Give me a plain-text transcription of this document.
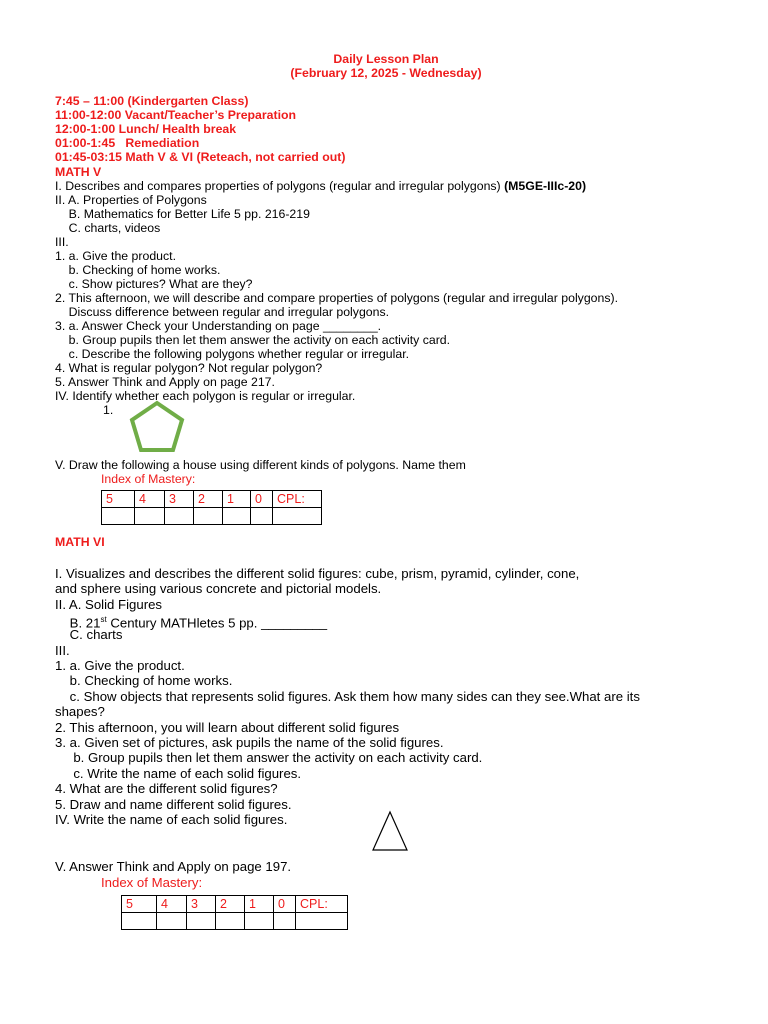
Daily Lesson Plan
(February 12, 2025 - Wednesday)
7:45 – 11:00 (Kindergarten Class)
11:00-12:00 Vacant/Teacher’s Preparation
12:00-1:00 Lunch/ Health break
01:00-1:45   Remediation
01:45-03:15 Math V & VI (Reteach, not carried out)
MATH V
I. Describes and compares properties of polygons (regular and irregular polygons) (M5GE-IIIc-20)
II. A. Properties of Polygons
B. Mathematics for Better Life 5 pp. 216-219
C. charts, videos
III.
1. a. Give the product.
b. Checking of home works.
c. Show pictures? What are they?
2. This afternoon, we will describe and compare properties of polygons (regular and irregular polygons).
Discuss difference between regular and irregular polygons.
3. a. Answer Check your Understanding on page ________.
b. Group pupils then let them answer the activity on each activity card.
c. Describe the following polygons whether regular or irregular.
4. What is regular polygon? Not regular polygon?
5. Answer Think and Apply on page 217.
IV. Identify whether each polygon is regular or irregular.
1.
V. Draw the following a house using different kinds of polygons. Name them
Index of Mastery:
5	4	3	2	1	0	CPL:

MATH VI
I. Visualizes and describes the different solid figures: cube, prism, pyramid, cylinder, cone,
and sphere using various concrete and pictorial models.
II. A. Solid Figures
B. 21st Century MATHletes 5 pp. _________
C. charts
III.
1. a. Give the product.
b. Checking of home works.
c. Show objects that represents solid figures. Ask them how many sides can they see.What are its
shapes?
2. This afternoon, you will learn about different solid figures
3. a. Given set of pictures, ask pupils the name of the solid figures.
b. Group pupils then let them answer the activity on each activity card.
c. Write the name of each solid figures.
4. What are the different solid figures?
5. Draw and name different solid figures.
IV. Write the name of each solid figures.
V. Answer Think and Apply on page 197.
Index of Mastery:
5	4	3	2	1	0	CPL:
